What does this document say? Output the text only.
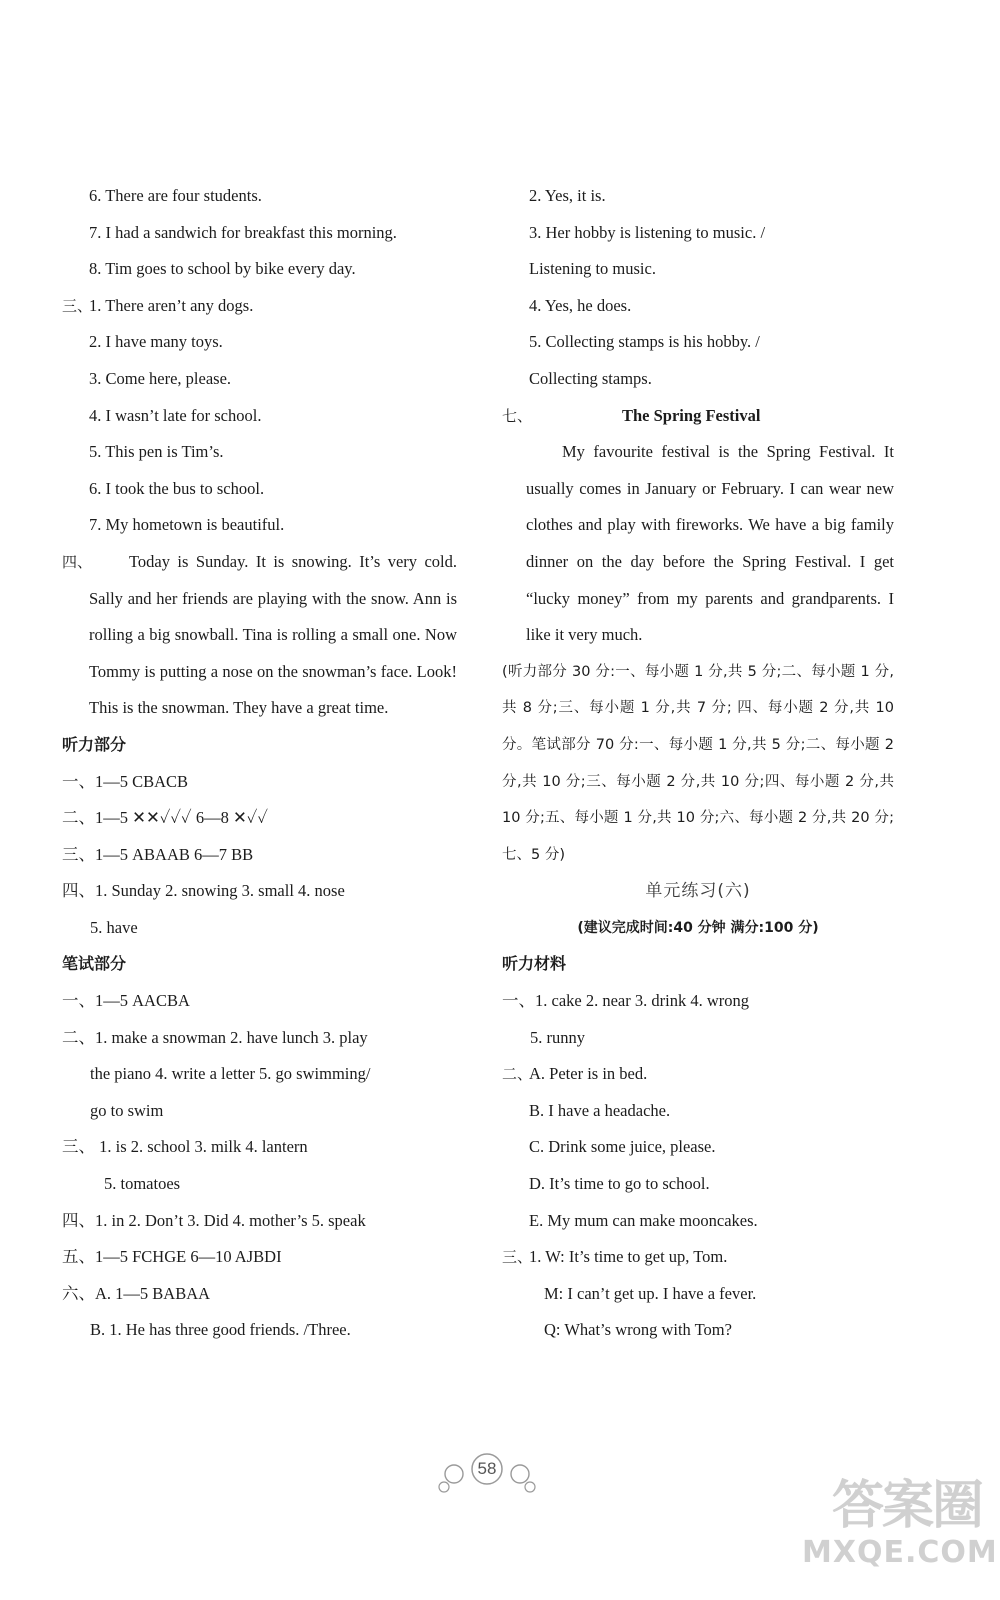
6. There are four students.
7. I had a sandwich for breakfast this morning.
8. Tim goes to school by bike every day.
三、1. There aren’t any dogs.
2. I have many toys.
3. Come here, please.
4. I wasn’t late for school.
5. This pen is Tim’s.
6. I took the bus to school.
7. My hometown is beautiful.
四、	Today is Sunday. It is snowing. It’s very cold. Sally and her friends are playing with the snow. Ann is rolling a big snowball. Tina is rolling a small one. Now Tommy is putting a nose on the snowman’s face. Look! This is the snowman. They have a great time.
听力部分
一、1—5 CBACB
二、1—5 ✕✕✓✓✓ 6—8 ✕✓✓
三、1—5 ABAAB 6—7 BB
四、1. Sunday 2. snowing 3. small 4. nose
5. have
笔试部分
一、1—5 AACBA
二、1. make a snowman 2. have lunch 3. play
the piano 4. write a letter 5. go swimming/
go to swim
三、 1. is 2. school 3. milk 4. lantern
5. tomatoes
四、1. in 2. Don’t 3. Did 4. mother’s 5. speak
五、1—5 FCHGE 6—10 AJBDI
六、A. 1—5 BABAA
B. 1. He has three good friends. /Three.
2. Yes, it is.
3. Her hobby is listening to music. /
Listening to music.
4. Yes, he does.
5. Collecting stamps is his hobby. /
Collecting stamps.
七、	The Spring Festival
My favourite festival is the Spring Festival. It usually comes in January or February. I can wear new clothes and play with fireworks. We have a big family dinner on the day before the Spring Festival. I get “lucky money” from my parents and grandparents. I like it very much.
(听力部分 30 分:一、每小题 1 分,共 5 分;二、每小题 1 分,共 8 分;三、每小题 1 分,共 7 分; 四、每小题 2 分,共 10 分。笔试部分 70 分:一、每小题 1 分,共 5 分;二、每小题 2 分,共 10 分;三、每小题 2 分,共 10 分;四、每小题 2 分,共 10 分;五、每小题 1 分,共 10 分;六、每小题 2 分,共 20 分;七、5 分)
单元练习(六)
(建议完成时间:40 分钟 满分:100 分)
听力材料
一、1. cake 2. near 3. drink 4. wrong
5. runny
二、A. Peter is in bed.
B. I have a headache.
C. Drink some juice, please.
D. It’s time to go to school.
E. My mum can make mooncakes.
三、1. W: It’s time to get up, Tom.
M: I can’t get up. I have a fever.
Q: What’s wrong with Tom?
58
答案圈
MXQE.COM
